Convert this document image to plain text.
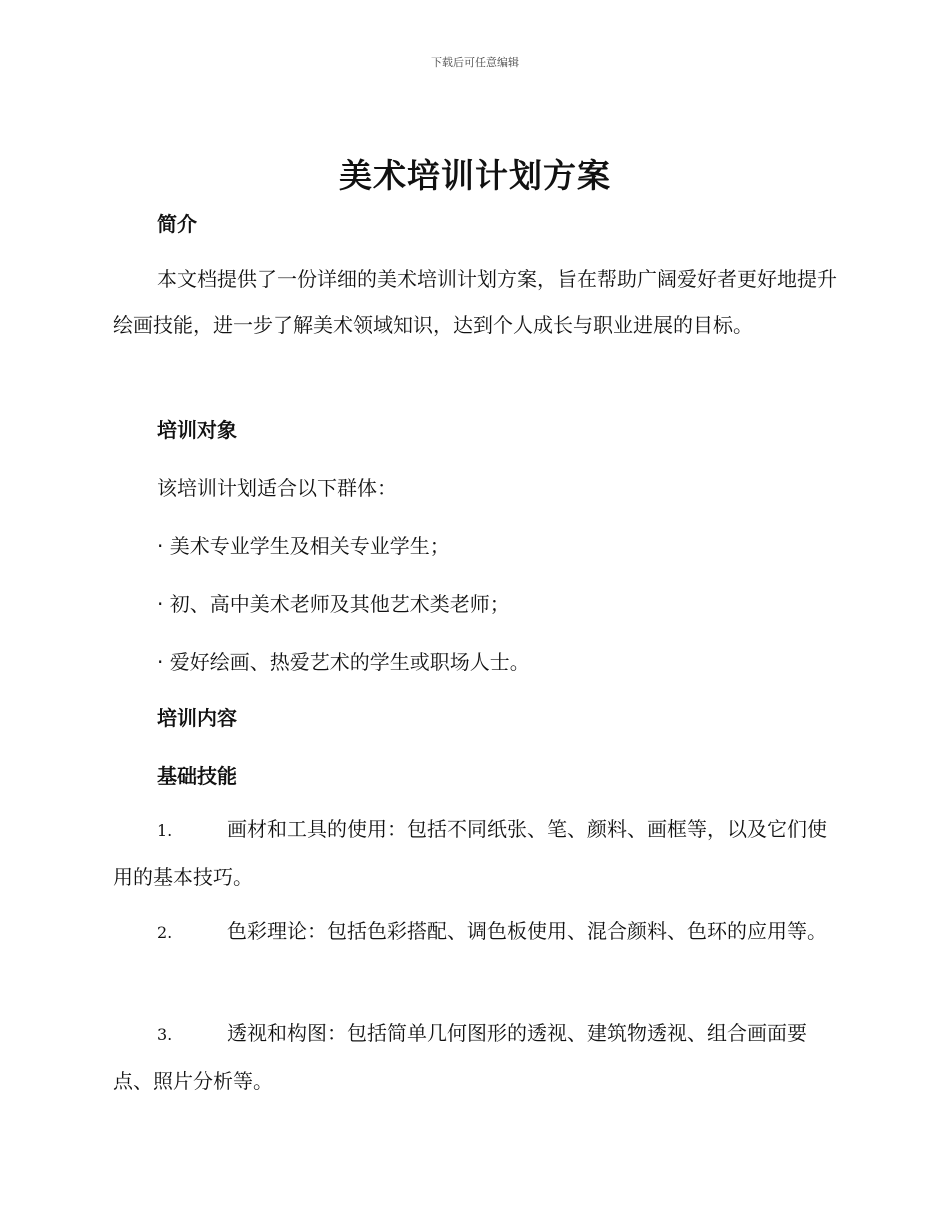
下载后可任意编辑
美术培训计划方案
简介
本文档提供了一份详细的美术培训计划方案，旨在帮助广阔爱好者更好地提升绘画技能，进一步了解美术领域知识，达到个人成长与职业进展的目标。
培训对象
该培训计划适合以下群体：
· 美术专业学生及相关专业学生；
· 初、高中美术老师及其他艺术类老师；
· 爱好绘画、热爱艺术的学生或职场人士。
培训内容
基础技能
1.	画材和工具的使用：包括不同纸张、笔、颜料、画框等，以及它们使用的基本技巧。
2.	色彩理论：包括色彩搭配、调色板使用、混合颜料、色环的应用等。
3.	透视和构图：包括简单几何图形的透视、建筑物透视、组合画面要点、照片分析等。
